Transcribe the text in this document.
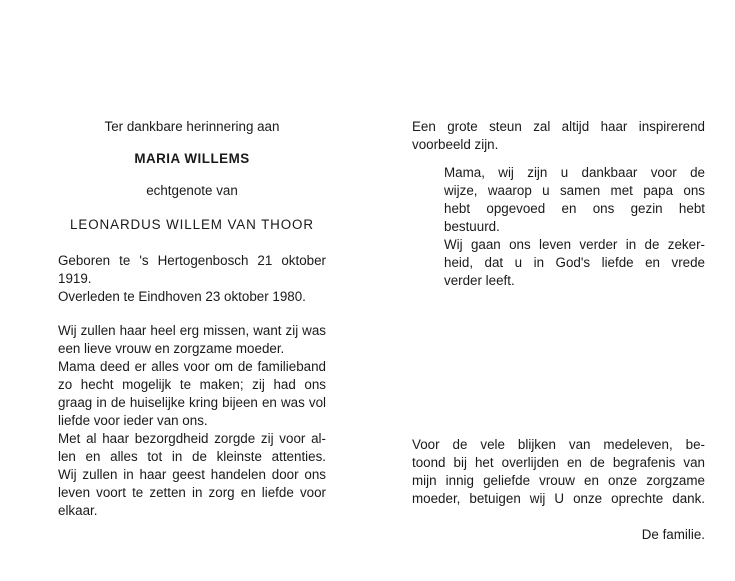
Ter dankbare herinnering aan

MARIA WILLEMS

echtgenote van

LEONARDUS WILLEM VAN THOOR

Geboren te 's Hertogenbosch 21 oktober
1919.

Overleden te Eindhoven 23 oktober 1980.

Wij zullen haar heel erg missen, want zij was
een lieve vrouw en zorgzame moeder.
Mama deed er alles voor om de familieband
zo hecht mogelijk te maken; zij had ons
graag in de huiselijke kring bijeen en was vol
liefde voor ieder van ons.
Met al haar bezorgdheid zorgde zij voor al-
len en alles tot in de kleinste attenties.
Wij zullen in haar geest handelen door ons
leven voort te zetten in zorg en liefde voor
elkaar.
Een grote steun zal altijd haar inspirerend
voorbeeld zijn.
Mama, wij zijn u dankbaar voor de
wijze, waarop u samen met papa ons
hebt opgevoed en ons gezin hebt
bestuurd.
Wij gaan ons leven verder in de zeker-
heid, dat u in God's liefde en vrede
verder leeft.
Voor de vele blijken van medeleven, be-
toond bij het overlijden en de begrafenis van
mijn innig geliefde vrouw en onze zorgzame
moeder, betuigen wij U onze oprechte dank.

De familie.
